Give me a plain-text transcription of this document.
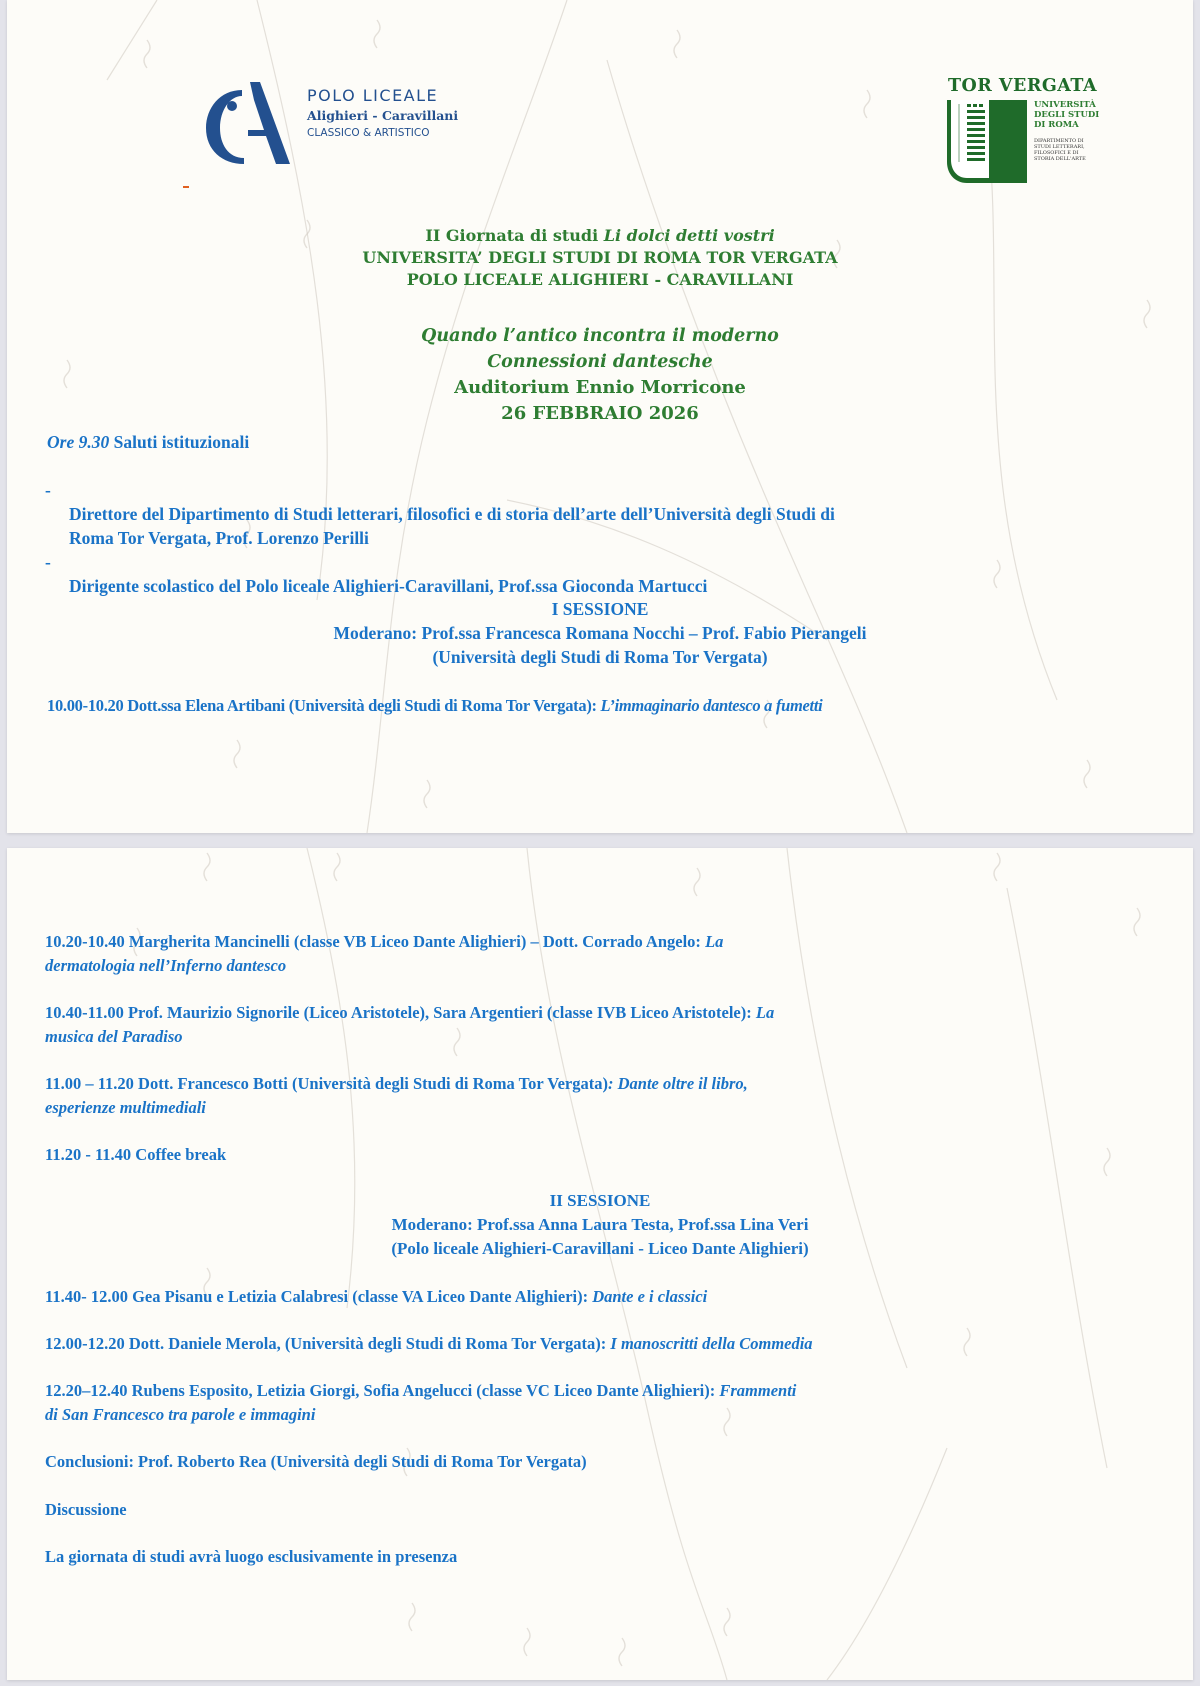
POLO LICEALE
Alighieri - Caravillani
CLASSICO & ARTISTICO
TOR VERGATA
UNIVERSITÀ
DEGLI STUDI
DI ROMA
DIPARTIMENTO DI
STUDI LETTERARI,
FILOSOFICI E DI
STORIA DELL'ARTE
II Giornata di studi Li dolci detti vostri
UNIVERSITA’ DEGLI STUDI DI ROMA TOR VERGATA
POLO LICEALE ALIGHIERI - CARAVILLANI
Quando l’antico incontra il moderno
Connessioni dantesche
Auditorium Ennio Morricone
26 FEBBRAIO 2026
Ore 9.30 Saluti istituzionali
-
Direttore del Dipartimento di Studi letterari, filosofici e di storia dell’arte dell’Università degli Studi di
Roma Tor Vergata, Prof. Lorenzo Perilli
-
Dirigente scolastico del Polo liceale Alighieri-Caravillani, Prof.ssa Gioconda Martucci
I SESSIONE
Moderano: Prof.ssa Francesca Romana Nocchi – Prof. Fabio Pierangeli
(Università degli Studi di Roma Tor Vergata)
10.00-10.20 Dott.ssa Elena Artibani (Università degli Studi di Roma Tor Vergata): L’immaginario dantesco a fumetti
10.20-10.40 Margherita Mancinelli (classe VB Liceo Dante Alighieri) – Dott. Corrado Angelo: La
dermatologia nell’Inferno dantesco
10.40-11.00 Prof. Maurizio Signorile (Liceo Aristotele), Sara Argentieri (classe IVB Liceo Aristotele): La
musica del Paradiso
11.00 – 11.20 Dott. Francesco Botti (Università degli Studi di Roma Tor Vergata): Dante oltre il libro,
esperienze multimediali
11.20 - 11.40 Coffee break
II SESSIONE
Moderano: Prof.ssa Anna Laura Testa, Prof.ssa Lina Veri
(Polo liceale Alighieri-Caravillani - Liceo Dante Alighieri)
11.40- 12.00 Gea Pisanu e Letizia Calabresi (classe VA Liceo Dante Alighieri): Dante e i classici
12.00-12.20 Dott. Daniele Merola, (Università degli Studi di Roma Tor Vergata): I manoscritti della Commedia
12.20–12.40 Rubens Esposito, Letizia Giorgi, Sofia Angelucci (classe VC Liceo Dante Alighieri): Frammenti
di San Francesco tra parole e immagini
Conclusioni: Prof. Roberto Rea (Università degli Studi di Roma Tor Vergata)
Discussione
La giornata di studi avrà luogo esclusivamente in presenza
